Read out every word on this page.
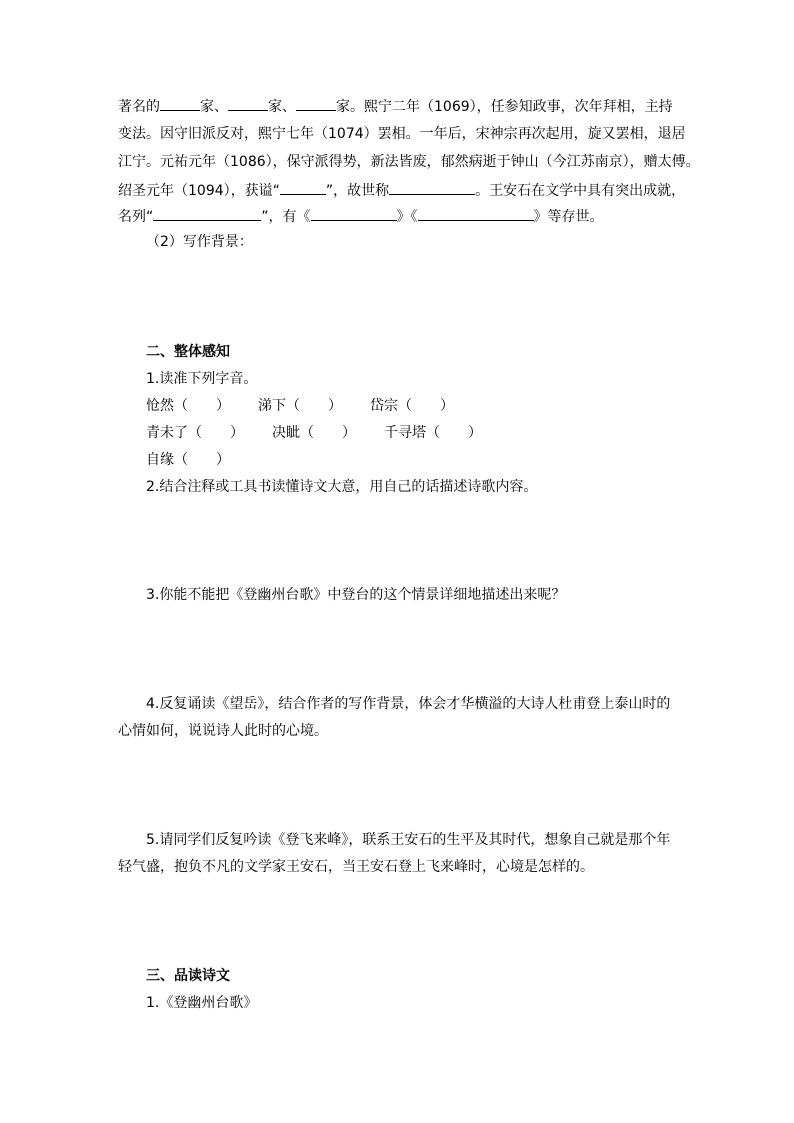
著名的	家、	家、	家。熙宁二年（1069），任参知政事，次年拜相，主持
变法。因守旧派反对，熙宁七年（1074）罢相。一年后，宋神宗再次起用，旋又罢相，退居
江宁。元祐元年（1086），保守派得势，新法皆废，郁然病逝于钟山（今江苏南京），赠太傅。
绍圣元年（1094），获谥“	”，故世称	。王安石在文学中具有突出成就，
名列“	”，有《	》《	》等存世。
（2）写作背景：
二、整体感知
1.读准下列字音。
怆然（　　） 涕下（　　） 岱宗（　　）
青未了（　　） 决眦（　　） 千寻塔（　　）
自缘（　　）
2.结合注释或工具书读懂诗文大意，用自己的话描述诗歌内容。
3.你能不能把《登幽州台歌》中登台的这个情景详细地描述出来呢？
4.反复诵读《望岳》，结合作者的写作背景，体会才华横溢的大诗人杜甫登上泰山时的
心情如何，说说诗人此时的心境。
5.请同学们反复吟读《登飞来峰》，联系王安石的生平及其时代，想象自己就是那个年
轻气盛，抱负不凡的文学家王安石，当王安石登上飞来峰时，心境是怎样的。
三、品读诗文
1.《登幽州台歌》
